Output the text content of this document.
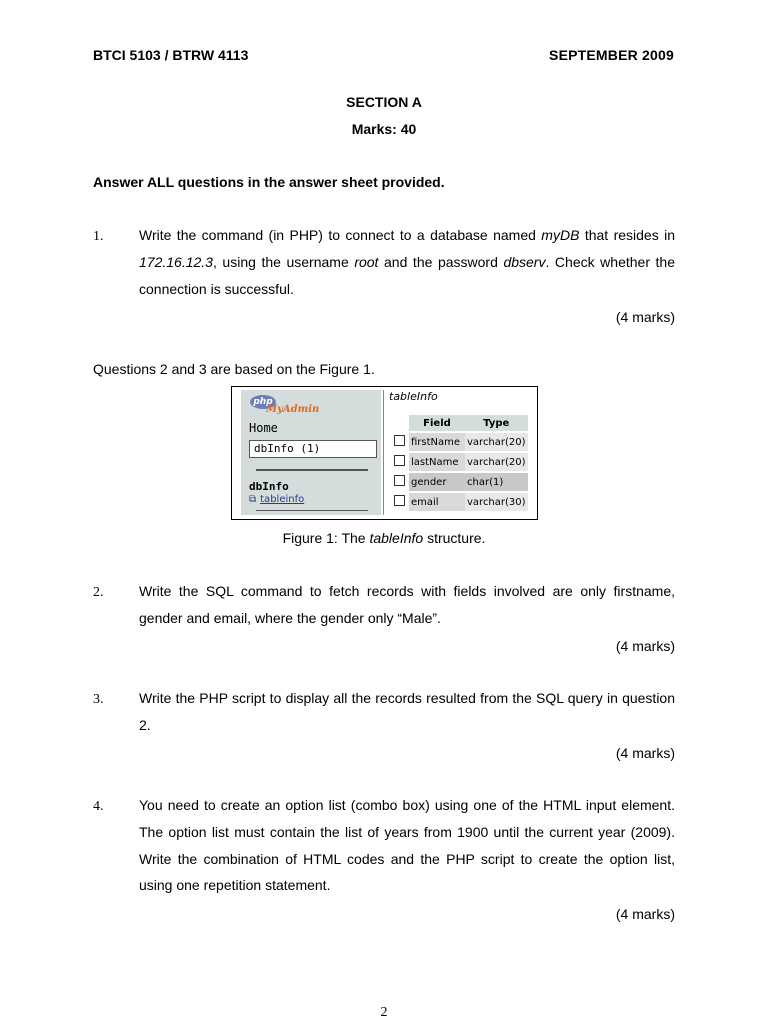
BTCI 5103 / BTRW 4113	SEPTEMBER 2009
SECTION A
Marks: 40
Answer ALL questions in the answer sheet provided.
1.	Write the command (in PHP) to connect to a database named myDB that resides in 172.16.12.3, using the username root and the password dbserv. Check whether the connection is successful.
(4 marks)
Questions 2 and 3 are based on the Figure 1.
php
MyAdmin
Home
dbInfo (1)
dbInfo
⧉ tableinfo
tableInfo
	Field	Type
	firstName	varchar(20)
	lastName	varchar(20)
	gender	char(1)
	email	varchar(30)
Figure 1: The tableInfo structure.
2.	Write the SQL command to fetch records with fields involved are only firstname, gender and email, where the gender only “Male”.
(4 marks)
3.	Write the PHP script to display all the records resulted from the SQL query in question 2.
(4 marks)
4.	You need to create an option list (combo box) using one of the HTML input element. The option list must contain the list of years from 1900 until the current year (2009). Write the combination of HTML codes and the PHP script to create the option list, using one repetition statement.
(4 marks)
2
